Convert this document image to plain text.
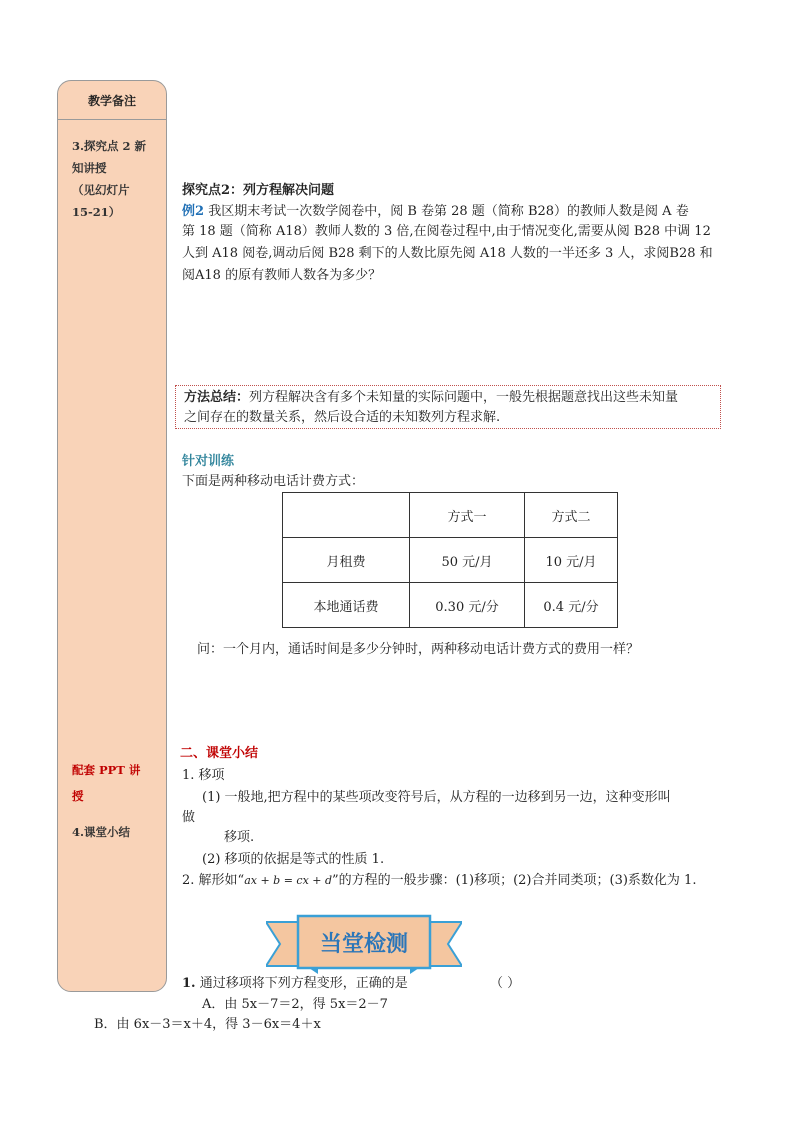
教学备注
3.探究点 2 新
知讲授
（见幻灯片
15-21）
配套 PPT 讲
授
4.课堂小结
探究点2：列方程解决问题
例2 我区期末考试一次数学阅卷中，阅 B 卷第 28 题（简称 B28）的教师人数是阅 A 卷
第 18 题（简称 A18）教师人数的 3 倍,在阅卷过程中,由于情况变化,需要从阅 B28 中调 12
人到 A18 阅卷,调动后阅 B28 剩下的人数比原先阅 A18 人数的一半还多 3 人，求阅B28 和
阅A18 的原有教师人数各为多少？
方法总结：列方程解决含有多个未知量的实际问题中，一般先根据题意找出这些未知量
之间存在的数量关系，然后设合适的未知数列方程求解.
针对训练
下面是两种移动电话计费方式：
	方式一	方式二
月租费	50 元/月	10 元/月
本地通话费	0.30 元/分	0.4 元/分
问：一个月内，通话时间是多少分钟时，两种移动电话计费方式的费用一样？
二、课堂小结
1. 移项
(1) 一般地,把方程中的某些项改变符号后，从方程的一边移到另一边，这种变形叫
做
移项.
(2) 移项的依据是等式的性质 1.
2. 解形如“ax + b = cx + d”的方程的一般步骤：(1)移项；(2)合并同类项；(3)系数化为 1.
当堂检测
1. 通过移项将下列方程变形，正确的是	（ ）
A．由 5x－7＝2，得 5x＝2－7
B．由 6x－3＝x＋4，得 3－6x＝4＋x
